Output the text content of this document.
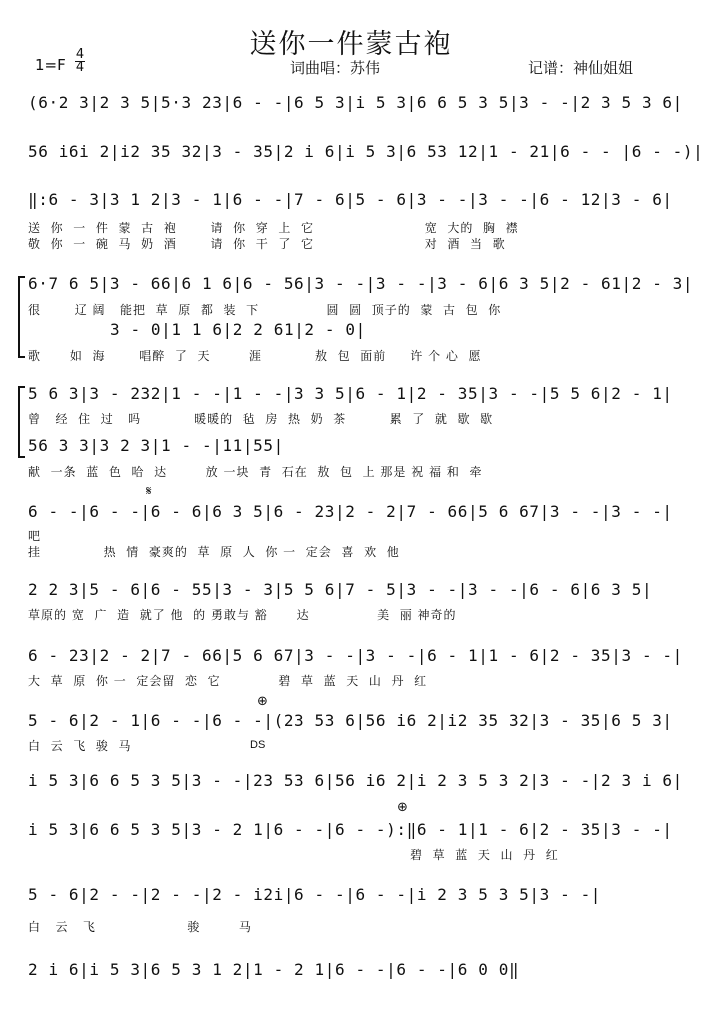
送你一件蒙古袍
1=F
4
4	词曲唱：苏伟	记谱：神仙姐姐
(6·2 3|2 3 5|5·3 23|6 - -|6 5 3|i 5 3|6 6 5 3 5|3 - -|2 3 5 3 6|
56 i6i 2|i2 35 32|3 - 35|2 i 6|i 5 3|6 53 12|1 - 21|6 - - |6 - -)|
‖:6 - 3|3 1 2|3 - 1|6 - -|7 - 6|5 - 6|3 - -|3 - -|6 - 12|3 - 6|
送  你  一  件  蒙  古  袍       请  你  穿  上  它                       宽  大的  胸  襟
敬  你  一  碗  马  奶  酒       请  你  干  了  它                       对  酒  当  歌
6·7 6 5|3 - 66|6 1 6|6 - 56|3 - -|3 - -|3 - 6|6 3 5|2 - 61|2 - 3|
很       辽 阔   能把  草  原  都  装  下              圆  圆  顶子的  蒙  古  包  你
3 - 0|1 1 6|2 2 61|2 - 0|
歌      如  海       唱醉  了  天        涯           敖  包  面前     许 个 心  愿
5 6 3|3 - 232|1 - -|1 - -|3 3 5|6 - 1|2 - 35|3 - -|5 5 6|2 - 1|
曾   经  住  过   吗           暖暖的  毡  房  热  奶  茶         累  了  就  歇  歇
56 3 3|3 2 3|1 - -|11|55|
献  一条  蓝  色  哈  达        放 一块  青  石在  敖  包  上 那是 祝 福 和  牵
𝄋
6 - -|6 - -|6 - 6|6 3 5|6 - 23|2 - 2|7 - 66|5 6 67|3 - -|3 - -|
吧
挂             热  情  豪爽的  草  原  人  你 一  定会  喜  欢  他
2 2 3|5 - 6|6 - 55|3 - 3|5 5 6|7 - 5|3 - -|3 - -|6 - 6|6 3 5|
草原的 宽  广  造  就了 他  的 勇敢与 豁      达              美  丽 神奇的
6 - 23|2 - 2|7 - 66|5 6 67|3 - -|3 - -|6 - 1|1 - 6|2 - 35|3 - -|
大  草  原  你 一  定会留  恋  它            碧  草  蓝  天  山  丹  红
⊕
5 - 6|2 - 1|6 - -|6 - -|(23 53 6|56 i6 2|i2 35 32|3 - 35|6 5 3|
白  云  飞  骏  马	DS
i 5 3|6 6 5 3 5|3 - -|23 53 6|56 i6 2|i 2 3 5 3 2|3 - -|2 3 i 6|
⊕
i 5 3|6 6 5 3 5|3 - 2 1|6 - -|6 - -):‖6 - 1|1 - 6|2 - 35|3 - -|
碧  草  蓝  天  山  丹  红
5 - 6|2 - -|2 - -|2 - i2i|6 - -|6 - -|i 2 3 5 3 5|3 - -|
白   云   飞                   骏        马
2 i 6|i 5 3|6 5 3 1 2|1 - 2 1|6 - -|6 - -|6 0 0‖
